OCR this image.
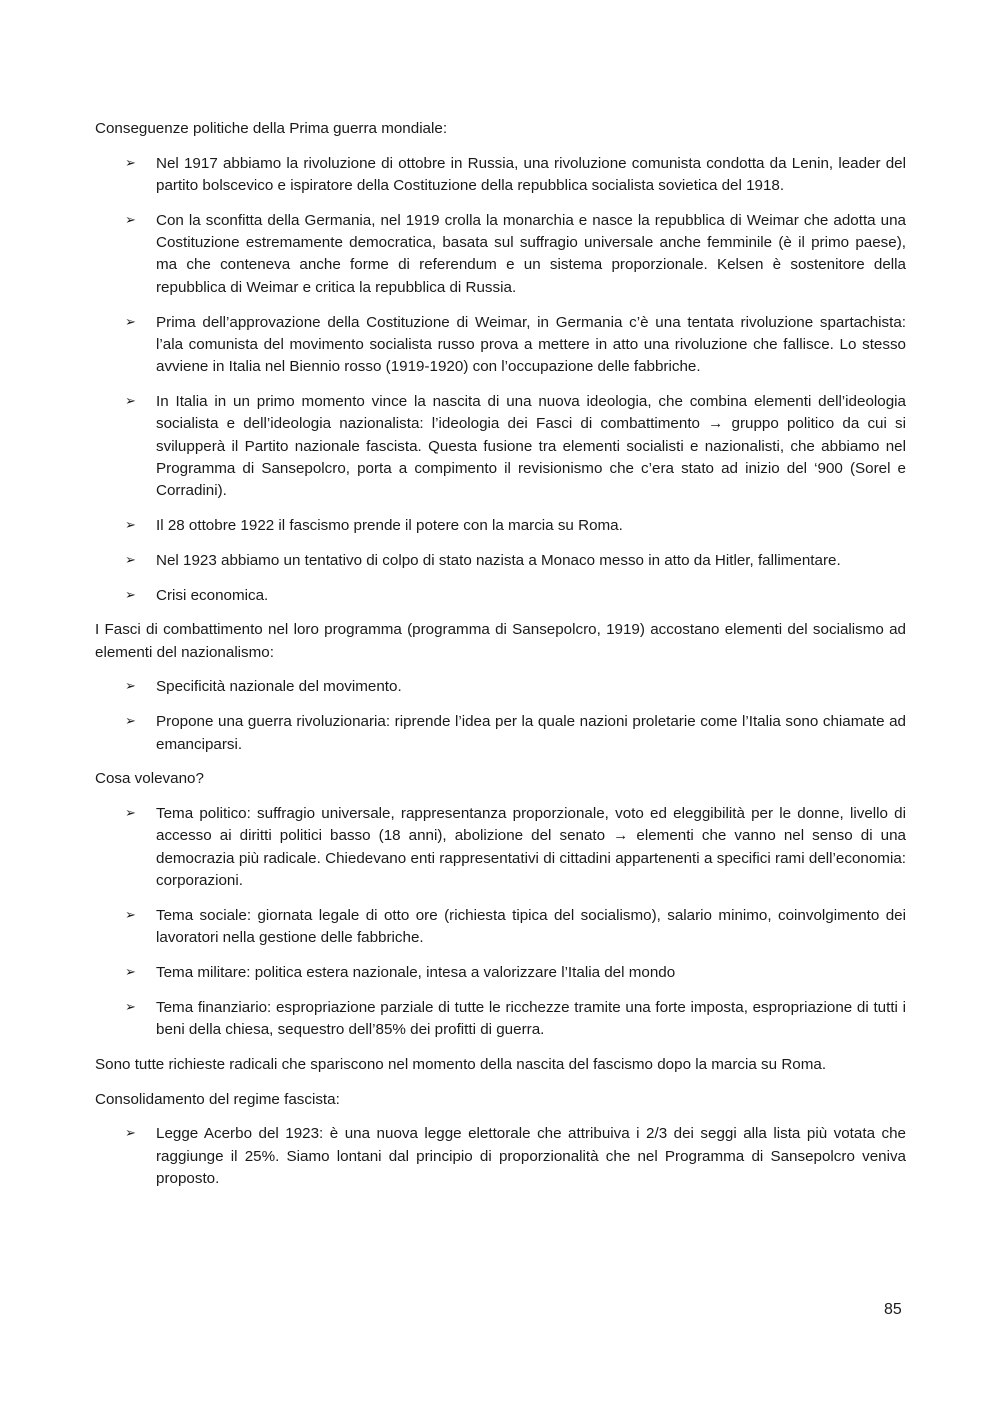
Conseguenze politiche della Prima guerra mondiale:

➢ Nel 1917 abbiamo la rivoluzione di ottobre in Russia, una rivoluzione comunista condotta da Lenin, leader del partito bolscevico e ispiratore della Costituzione della repubblica socialista sovietica del 1918.
➢ Con la sconfitta della Germania, nel 1919 crolla la monarchia e nasce la repubblica di Weimar che adotta una Costituzione estremamente democratica, basata sul suffragio universale anche femminile (è il primo paese), ma che conteneva anche forme di referendum e un sistema proporzionale. Kelsen è sostenitore della repubblica di Weimar e critica la repubblica di Russia.
➢ Prima dell’approvazione della Costituzione di Weimar, in Germania c’è una tentata rivoluzione spartachista: l’ala comunista del movimento socialista russo prova a mettere in atto una rivoluzione che fallisce. Lo stesso avviene in Italia nel Biennio rosso (1919-1920) con l’occupazione delle fabbriche.
➢ In Italia in un primo momento vince la nascita di una nuova ideologia, che combina elementi dell’ideologia socialista e dell’ideologia nazionalista: l’ideologia dei Fasci di combattimento → gruppo politico da cui si svilupperà il Partito nazionale fascista. Questa fusione tra elementi socialisti e nazionalisti, che abbiamo nel Programma di Sansepolcro, porta a compimento il revisionismo che c’era stato ad inizio del ‘900 (Sorel e Corradini).
➢ Il 28 ottobre 1922 il fascismo prende il potere con la marcia su Roma.
➢ Nel 1923 abbiamo un tentativo di colpo di stato nazista a Monaco messo in atto da Hitler, fallimentare.
➢ Crisi economica.

I Fasci di combattimento nel loro programma (programma di Sansepolcro, 1919) accostano elementi del socialismo ad elementi del nazionalismo:

➢ Specificità nazionale del movimento.
➢ Propone una guerra rivoluzionaria: riprende l’idea per la quale nazioni proletarie come l’Italia sono chiamate ad emanciparsi.

Cosa volevano?

➢ Tema politico: suffragio universale, rappresentanza proporzionale, voto ed eleggibilità per le donne, livello di accesso ai diritti politici basso (18 anni), abolizione del senato → elementi che vanno nel senso di una democrazia più radicale. Chiedevano enti rappresentativi di cittadini appartenenti a specifici rami dell’economia: corporazioni.
➢ Tema sociale: giornata legale di otto ore (richiesta tipica del socialismo), salario minimo, coinvolgimento dei lavoratori nella gestione delle fabbriche.
➢ Tema militare: politica estera nazionale, intesa a valorizzare l’Italia del mondo
➢ Tema finanziario: espropriazione parziale di tutte le ricchezze tramite una forte imposta, espropriazione di tutti i beni della chiesa, sequestro dell’85% dei profitti di guerra.

Sono tutte richieste radicali che spariscono nel momento della nascita del fascismo dopo la marcia su Roma.

Consolidamento del regime fascista:

➢ Legge Acerbo del 1923: è una nuova legge elettorale che attribuiva i 2/3 dei seggi alla lista più votata che raggiunge il 25%. Siamo lontani dal principio di proporzionalità che nel Programma di Sansepolcro veniva proposto.
85
